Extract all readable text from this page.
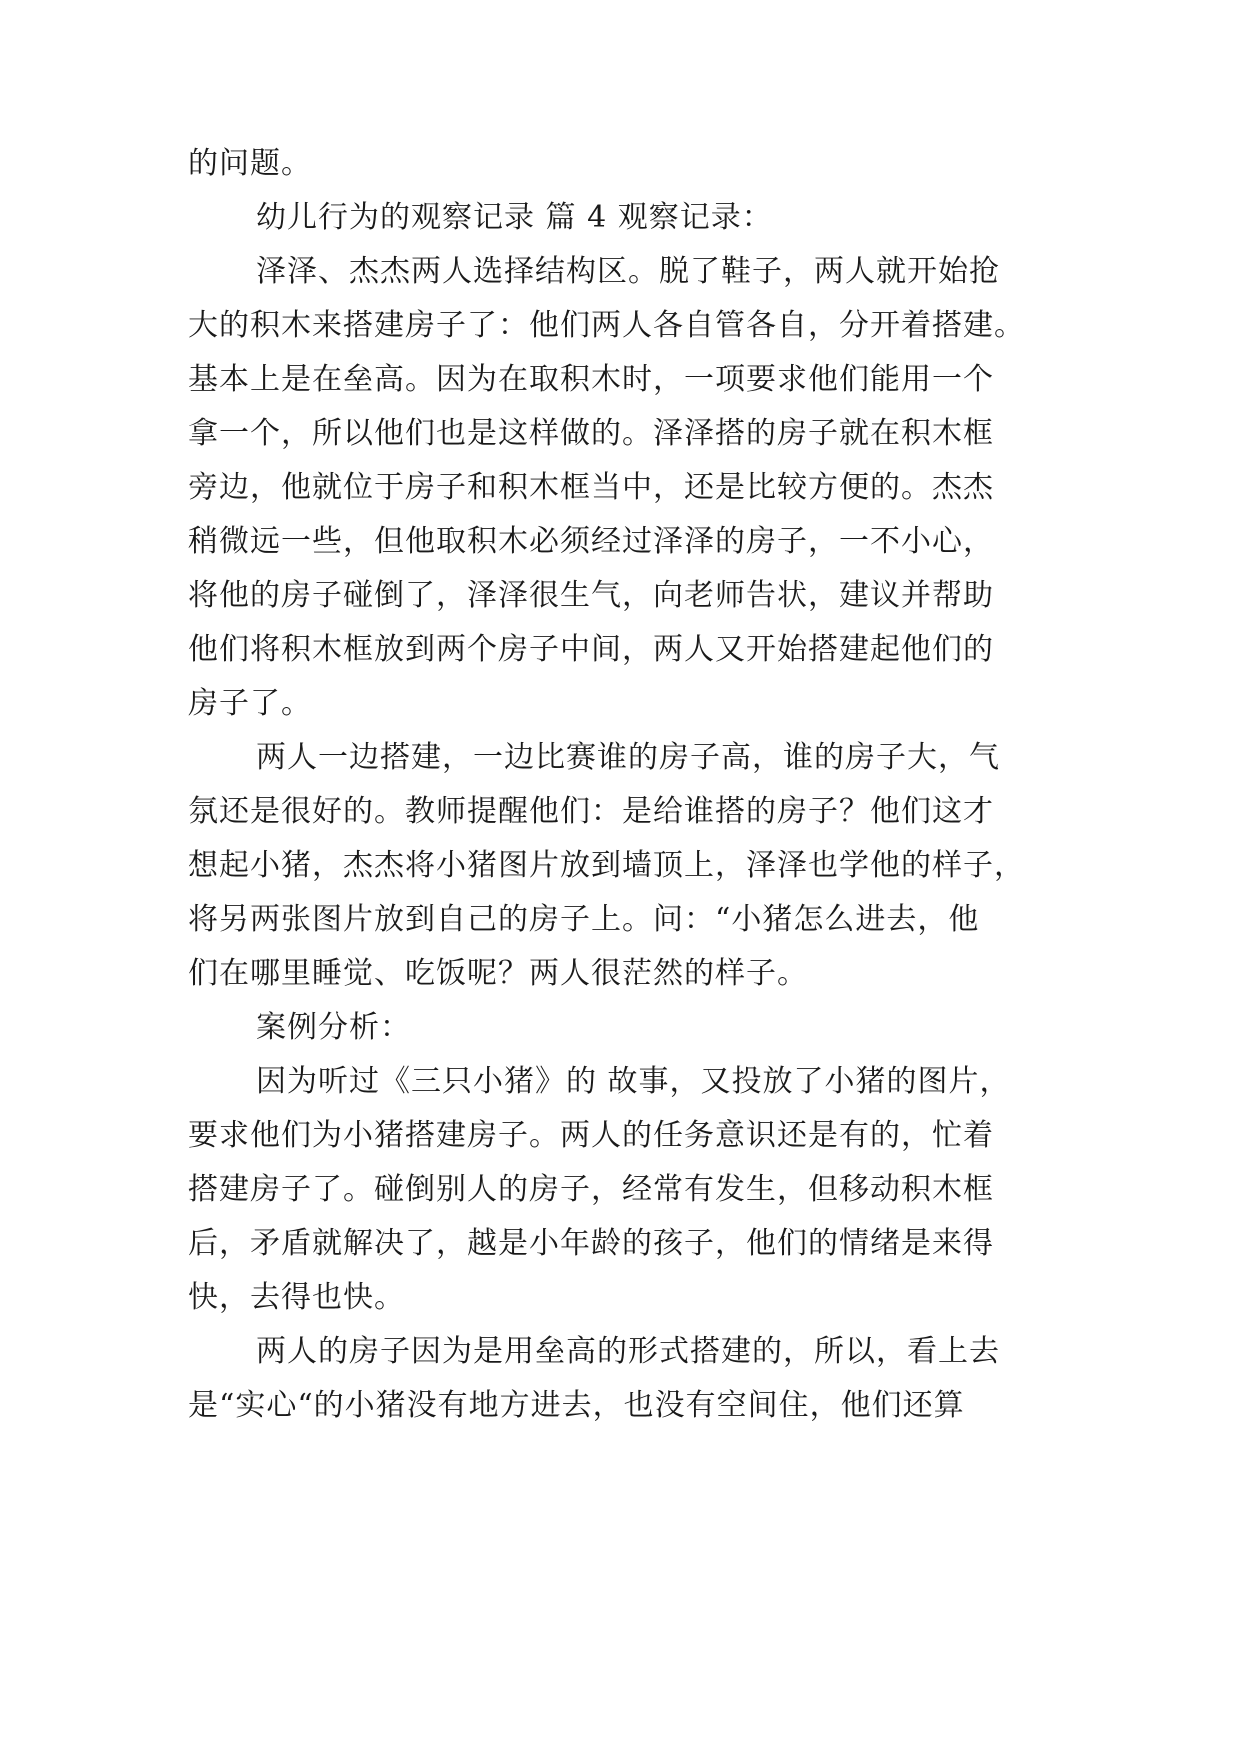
的问题。
幼儿行为的观察记录 篇 4 观察记录：
泽泽、杰杰两人选择结构区。脱了鞋子，两人就开始抢
大的积木来搭建房子了：他们两人各自管各自，分开着搭建。
基本上是在垒高。因为在取积木时，一项要求他们能用一个
拿一个，所以他们也是这样做的。泽泽搭的房子就在积木框
旁边，他就位于房子和积木框当中，还是比较方便的。杰杰
稍微远一些，但他取积木必须经过泽泽的房子，一不小心，
将他的房子碰倒了，泽泽很生气，向老师告状，建议并帮助
他们将积木框放到两个房子中间，两人又开始搭建起他们的
房子了。
两人一边搭建，一边比赛谁的房子高，谁的房子大，气
氛还是很好的。教师提醒他们：是给谁搭的房子？他们这才
想起小猪，杰杰将小猪图片放到墙顶上，泽泽也学他的样子，
将另两张图片放到自己的房子上。问：“小猪怎么进去，他
们在哪里睡觉、吃饭呢？两人很茫然的样子。
案例分析：
因为听过《三只小猪》的 故事，又投放了小猪的图片，
要求他们为小猪搭建房子。两人的任务意识还是有的，忙着
搭建房子了。碰倒别人的房子，经常有发生，但移动积木框
后，矛盾就解决了，越是小年龄的孩子，他们的情绪是来得
快，去得也快。
两人的房子因为是用垒高的形式搭建的，所以，看上去
是“实心“的小猪没有地方进去，也没有空间住，他们还算
